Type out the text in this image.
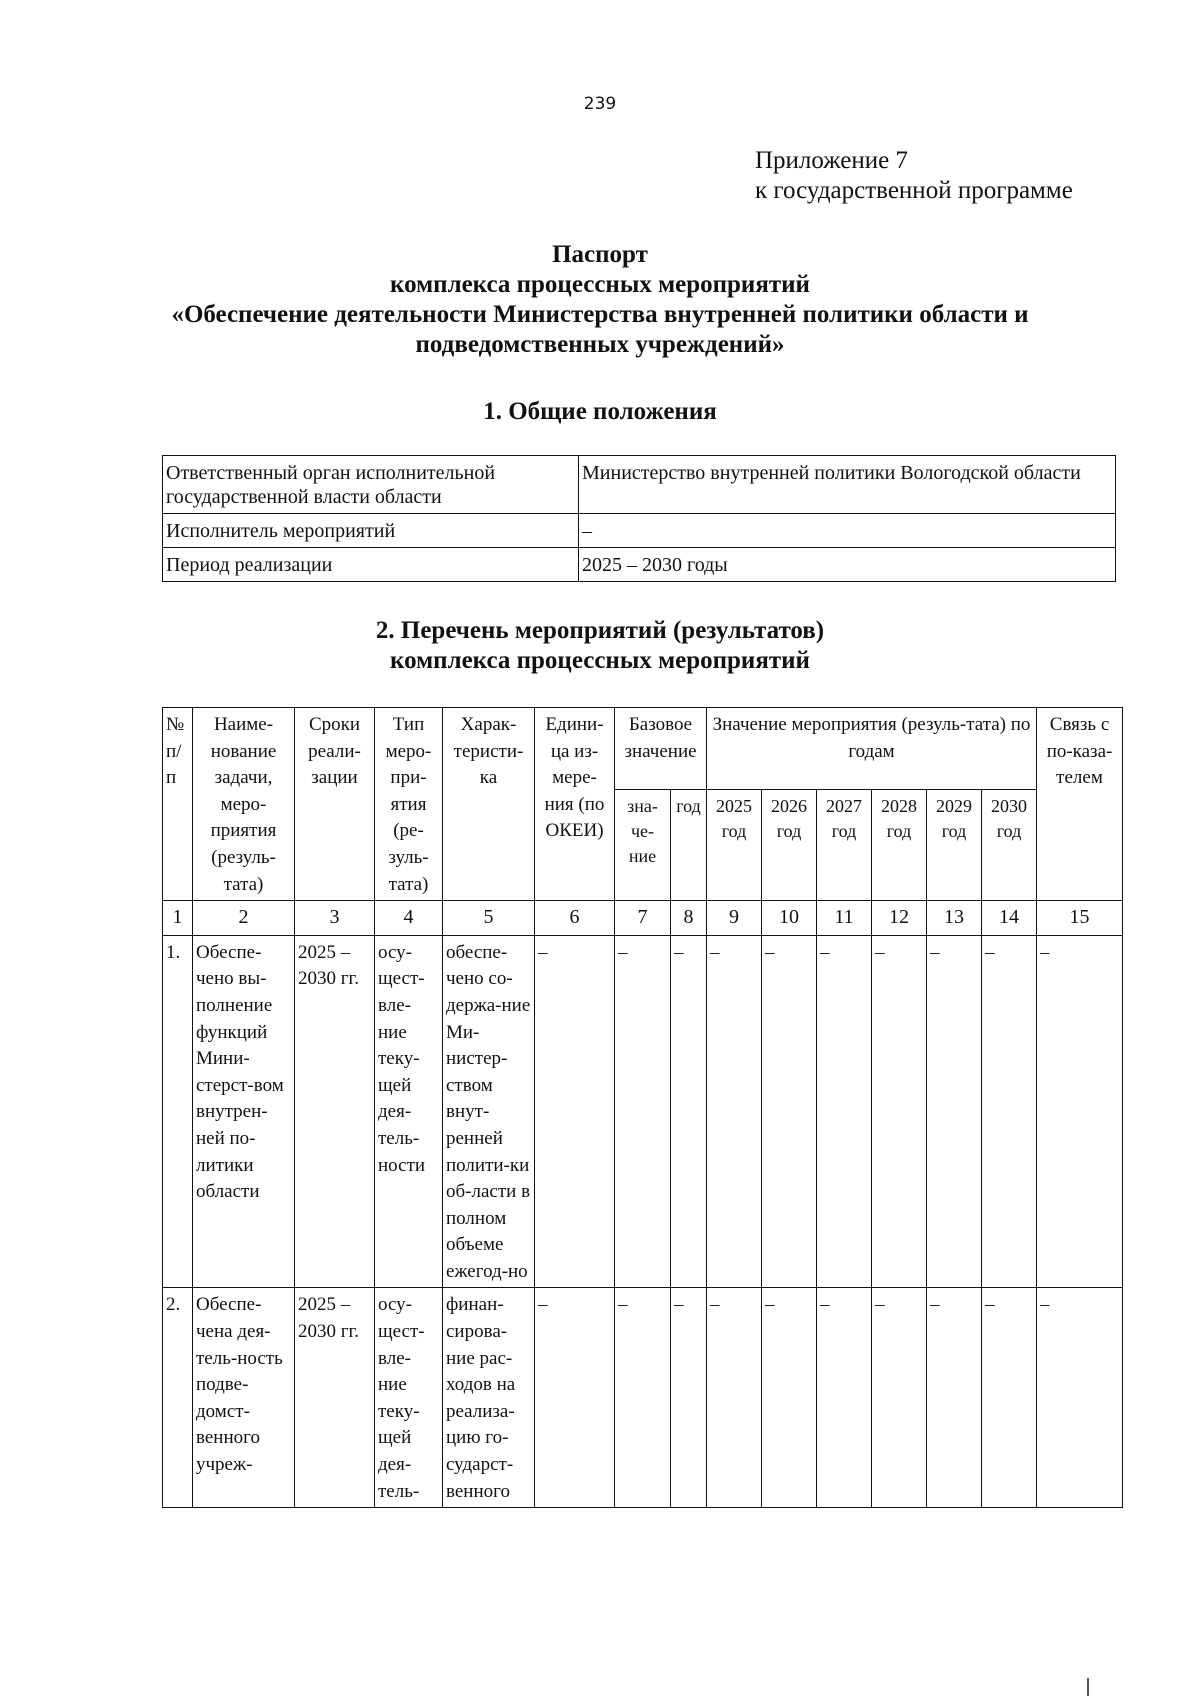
239
Приложение 7
к государственной программе
Паспорт
комплекса процессных мероприятий
«Обеспечение деятельности Министерства внутренней политики области и
подведомственных учреждений»
1. Общие положения
Ответственный орган исполнительной государственной власти области	Министерство внутренней политики Вологодской области
Исполнитель мероприятий	–
Период реализации	2025 – 2030 годы
2. Перечень мероприятий (результатов)
комплекса процессных мероприятий
№ п/п	Наиме-нование задачи, меро-приятия (резуль-тата)	Сроки реали-зации	Тип меро-при-ятия (ре-зуль-тата)	Харак-теристи-ка	Едини-ца из-мере-ния (по ОКЕИ)	Базовое значение		Значение мероприятия (резуль-тата) по годам						Связь с по-каза-телем
						зна-че-ние	год	2025 год	2026 год	2027 год	2028 год	2029 год	2030 год	
1	2	3	4	5	6	7	8	9	10	11	12	13	14	15
1.	Обеспе-чено вы-полнение функций Мини-стерст-вом внутрен-ней по-литики области	2025 – 2030 гг.	осу-щест-вле-ние теку-щей дея-тель-ности	обеспе-чено со-держа-ние Ми-нистер-ством внут-ренней полити-ки об-ласти в полном объеме ежегод-но	–	–	–	–	–	–	–	–	–	–
2.	Обеспе-чена дея-тель-ность подве-домст-венного учреж-	2025 – 2030 гг.	осу-щест-вле-ние теку-щей дея-тель-	финан-сирова-ние рас-ходов на реализа-цию го-сударст-венного	–	–	–	–	–	–	–	–	–	–
